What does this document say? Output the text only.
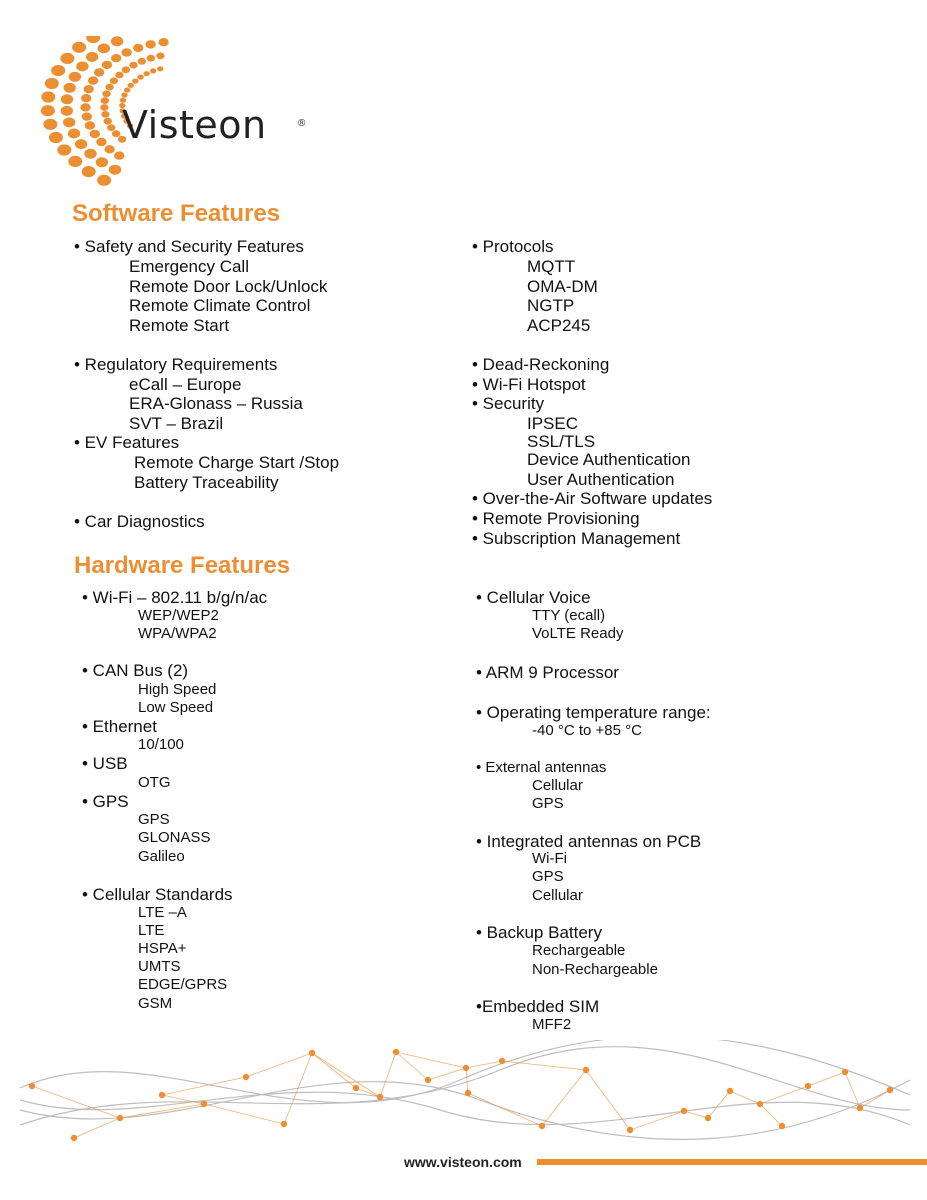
Visteon	®
Software Features
• Safety and Security Features
Emergency Call
Remote Door Lock/Unlock
Remote Climate Control
Remote Start
• Regulatory Requirements
eCall – Europe
ERA-Glonass – Russia
SVT – Brazil
• EV Features
Remote Charge Start /Stop
Battery Traceability
• Car Diagnostics
• Protocols
MQTT
OMA-DM
NGTP
ACP245
• Dead-Reckoning
• Wi-Fi Hotspot
• Security
IPSEC
SSL/TLS
Device Authentication
User Authentication
• Over-the-Air Software updates
• Remote Provisioning
• Subscription Management
Hardware Features
• Wi-Fi – 802.11 b/g/n/ac
WEP/WEP2
WPA/WPA2
• CAN Bus (2)
High Speed
Low Speed
• Ethernet
10/100
• USB
OTG
• GPS
GPS
GLONASS
Galileo
• Cellular Standards
LTE –A
LTE
HSPA+
UMTS
EDGE/GPRS
GSM
• Cellular Voice
TTY (ecall)
VoLTE Ready
• ARM 9 Processor
• Operating temperature range:
-40 °C to +85 °C
• External antennas
Cellular
GPS
• Integrated antennas on PCB
Wi-Fi
GPS
Cellular
• Backup Battery
Rechargeable
Non-Rechargeable
•Embedded SIM
MFF2
www.visteon.com
